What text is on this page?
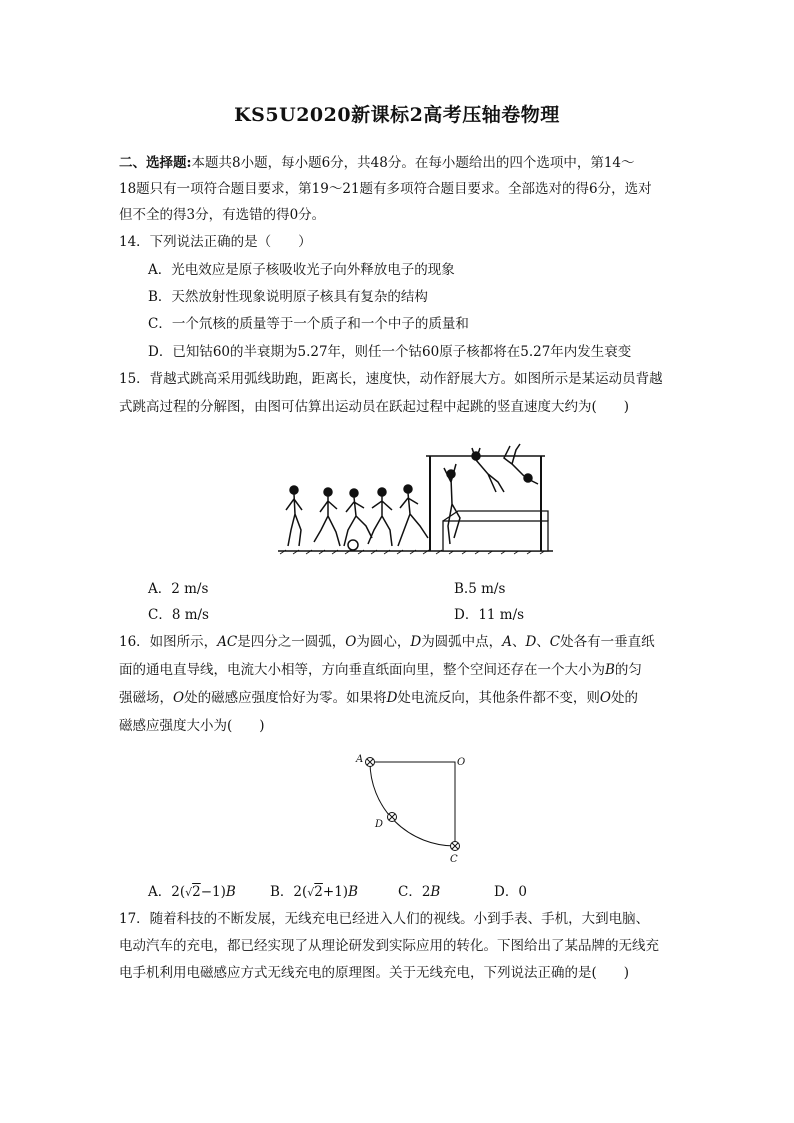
KS5U2020新课标2高考压轴卷物理
二、选择题:本题共8小题，每小题6分，共48分。在每小题给出的四个选项中，第14～
18题只有一项符合题目要求，第19～21题有多项符合题目要求。全部选对的得6分，选对
但不全的得3分，有选错的得0分。
14．下列说法正确的是（　　）
A．光电效应是原子核吸收光子向外释放电子的现象
B．天然放射性现象说明原子核具有复杂的结构
C．一个氘核的质量等于一个质子和一个中子的质量和
D．已知钴60的半衰期为5.27年，则任一个钴60原子核都将在5.27年内发生衰变
15．背越式跳高采用弧线助跑，距离长，速度快，动作舒展大方。如图所示是某运动员背越
式跳高过程的分解图，由图可估算出运动员在跃起过程中起跳的竖直速度大约为(　　)
A．2 m/s	B.5 m/s
C．8 m/s	D．11 m/s
16．如图所示，AC是四分之一圆弧，O为圆心，D为圆弧中点，A、D、C处各有一垂直纸
面的通电直导线，电流大小相等，方向垂直纸面向里，整个空间还存在一个大小为B的匀
强磁场，O处的磁感应强度恰好为零。如果将D处电流反向，其他条件都不变，则O处的
磁感应强度大小为(　　)
A	O
D
C
A．2(√2−1)B	B．2(√2+1)B	C．2B	D．0
17．随着科技的不断发展，无线充电已经进入人们的视线。小到手表、手机，大到电脑、
电动汽车的充电，都已经实现了从理论研发到实际应用的转化。下图给出了某品牌的无线充
电手机利用电磁感应方式无线充电的原理图。关于无线充电，下列说法正确的是(　　)
